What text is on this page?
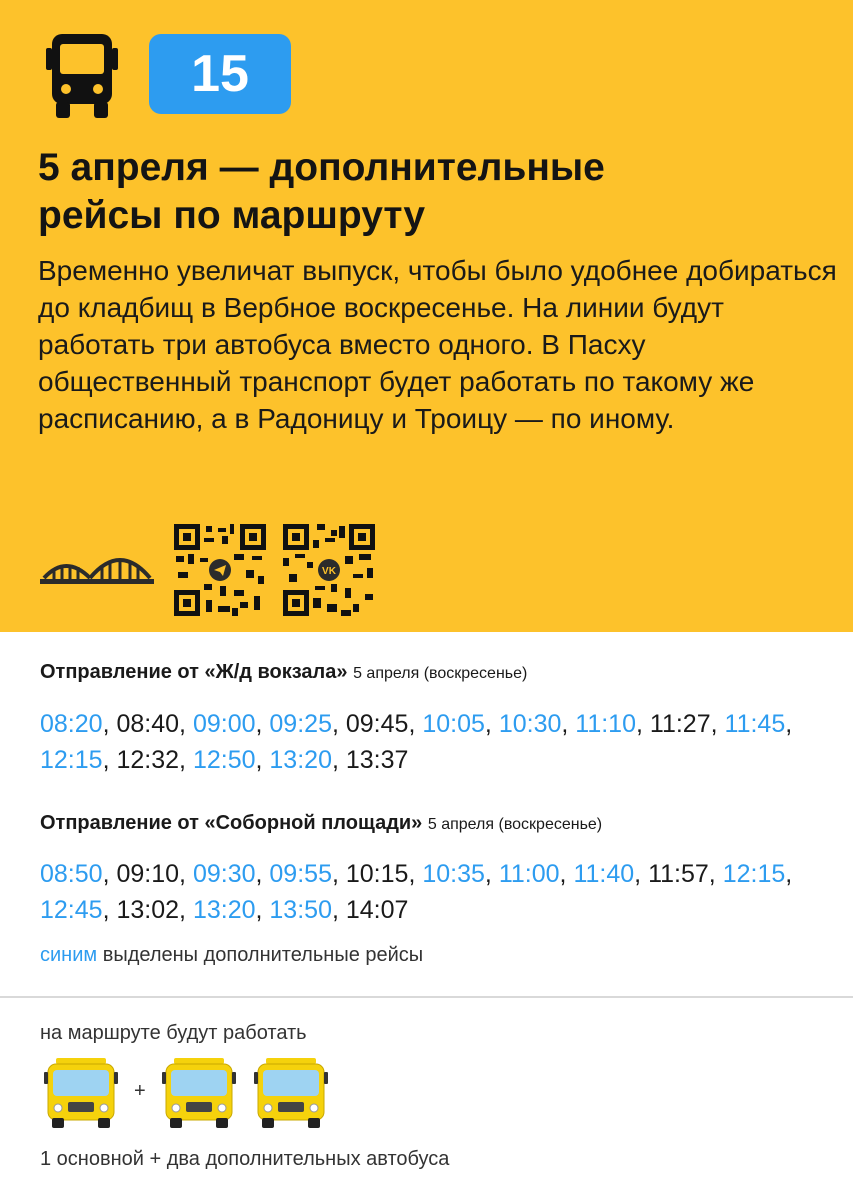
15
5 апреля — дополнительные
рейсы по маршруту
Временно увеличат выпуск, чтобы было удобнее добираться до кладбищ в Вербное воскресенье. На линии будут работать три автобуса вместо одного. В Пасху общественный транспорт будет работать по такому же расписанию, а в Радоницу и Троицу — по иному.
VK
Отправление от «Ж/д вокзала» 5 апреля (воскресенье)
08:20, 08:40, 09:00, 09:25, 09:45, 10:05, 10:30, 11:10, 11:27, 11:45, 12:15, 12:32, 12:50, 13:20, 13:37
Отправление от «Соборной площади» 5 апреля (воскресенье)
08:50, 09:10, 09:30, 09:55, 10:15, 10:35, 11:00, 11:40, 11:57, 12:15, 12:45, 13:02, 13:20, 13:50, 14:07
синим выделены дополнительные рейсы
на маршруте будут работать
+
1 основной + два дополнительных автобуса
